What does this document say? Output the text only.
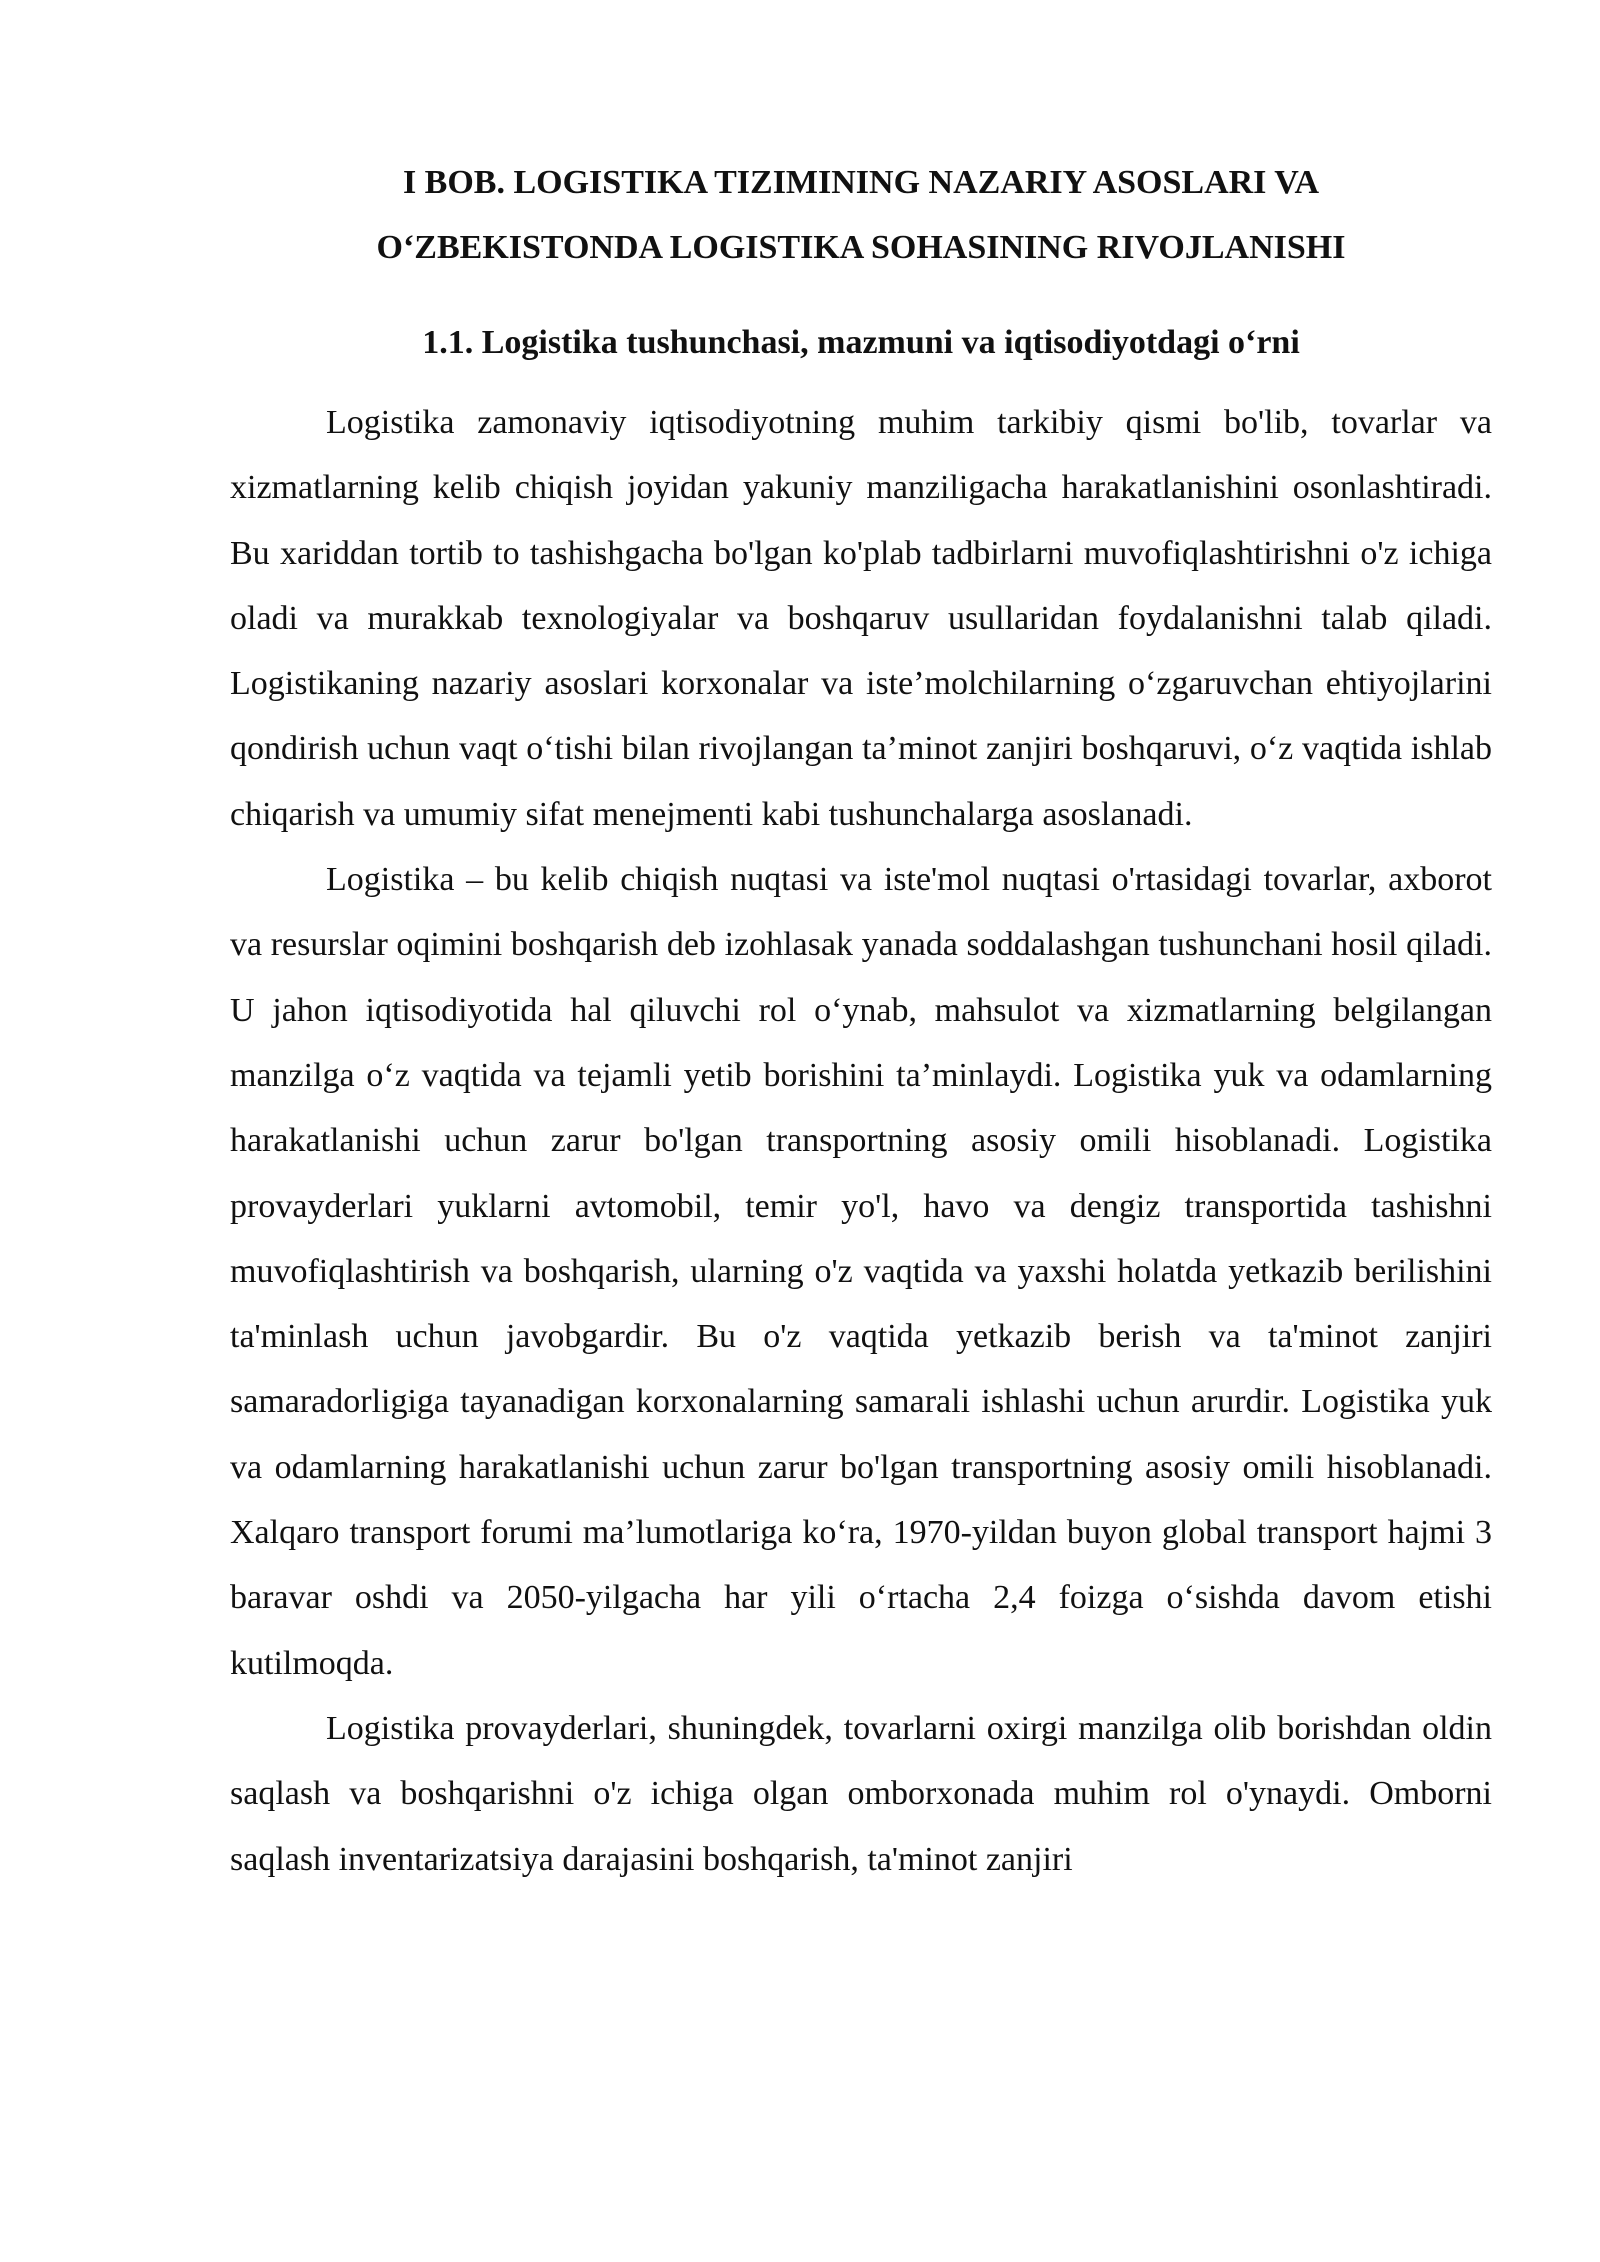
I BOB. LOGISTIKA TIZIMINING NAZARIY ASOSLARI VA
O‘ZBEKISTONDA LOGISTIKA SOHASINING RIVOJLANISHI
1.1. Logistika tushunchasi, mazmuni va iqtisodiyotdagi o‘rni

Logistika zamonaviy iqtisodiyotning muhim tarkibiy qismi bo'lib, tovarlar va xizmatlarning kelib chiqish joyidan yakuniy manziligacha harakatlanishini osonlashtiradi. Bu xariddan tortib to tashishgacha bo'lgan ko'plab tadbirlarni muvofiqlashtirishni o'z ichiga oladi va murakkab texnologiyalar va boshqaruv usullaridan foydalanishni talab qiladi. Logistikaning nazariy asoslari korxonalar va iste’molchilarning o‘zgaruvchan ehtiyojlarini qondirish uchun vaqt o‘tishi bilan rivojlangan ta’minot zanjiri boshqaruvi, o‘z vaqtida ishlab chiqarish va umumiy sifat menejmenti kabi tushunchalarga asoslanadi.

Logistika – bu kelib chiqish nuqtasi va iste'mol nuqtasi o'rtasidagi tovarlar, axborot va resurslar oqimini boshqarish deb izohlasak yanada soddalashgan tushunchani hosil qiladi. U jahon iqtisodiyotida hal qiluvchi rol o‘ynab, mahsulot va xizmatlarning belgilangan manzilga o‘z vaqtida va tejamli yetib borishini ta’minlaydi. Logistika yuk va odamlarning harakatlanishi uchun zarur bo'lgan transportning asosiy omili hisoblanadi. Logistika provayderlari yuklarni avtomobil, temir yo'l, havo va dengiz transportida tashishni muvofiqlashtirish va boshqarish, ularning o'z vaqtida va yaxshi holatda yetkazib berilishini ta'minlash uchun javobgardir. Bu o'z vaqtida yetkazib berish va ta'minot zanjiri samaradorligiga tayanadigan korxonalarning samarali ishlashi uchun arurdir. Logistika yuk va odamlarning harakatlanishi uchun zarur bo'lgan transportning asosiy omili hisoblanadi. Xalqaro transport forumi ma’lumotlariga ko‘ra, 1970-yildan buyon global transport hajmi 3 baravar oshdi va 2050-yilgacha har yili o‘rtacha 2,4 foizga o‘sishda davom etishi kutilmoqda.

Logistika provayderlari, shuningdek, tovarlarni oxirgi manzilga olib borishdan oldin saqlash va boshqarishni o'z ichiga olgan omborxonada muhim rol o'ynaydi. Omborni saqlash inventarizatsiya darajasini boshqarish, ta'minot zanjiri
